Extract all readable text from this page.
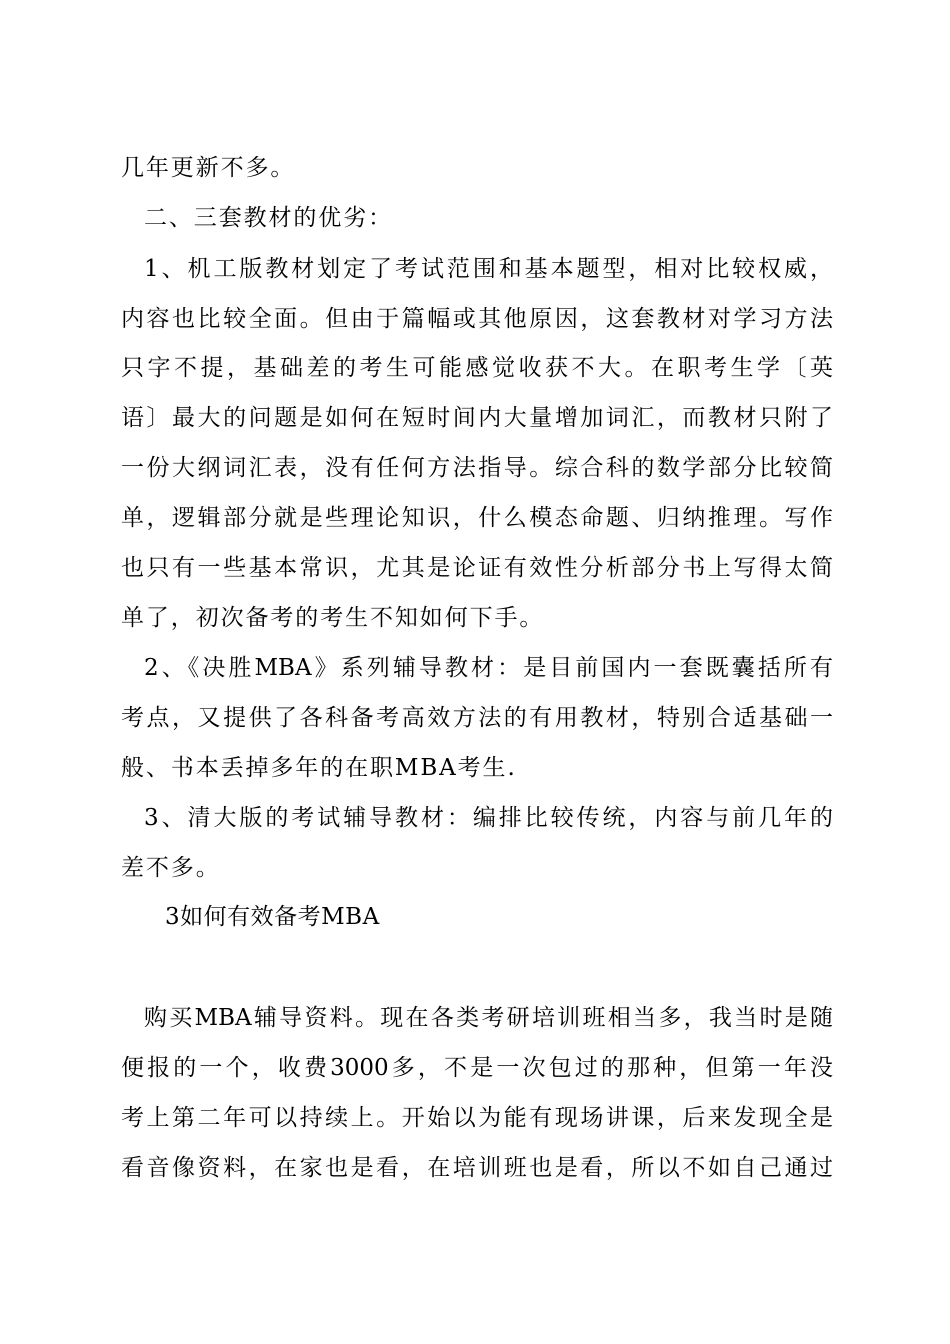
几年更新不多。
二、三套教材的优劣：
1、机工版教材划定了考试范围和基本题型，相对比较权威，
内容也比较全面。但由于篇幅或其他原因，这套教材对学习方法
只字不提，基础差的考生可能感觉收获不大。在职考生学〔英
语〕最大的问题是如何在短时间内大量增加词汇，而教材只附了
一份大纲词汇表，没有任何方法指导。综合科的数学部分比较简
单，逻辑部分就是些理论知识，什么模态命题、归纳推理。写作
也只有一些基本常识，尤其是论证有效性分析部分书上写得太简
单了，初次备考的考生不知如何下手。
2、《决胜MBA》系列辅导教材：是目前国内一套既囊括所有
考点，又提供了各科备考高效方法的有用教材，特别合适基础一
般、书本丢掉多年的在职MBA考生.
3、清大版的考试辅导教材：编排比较传统，内容与前几年的
差不多。
3如何有效备考MBA
购买MBA辅导资料。现在各类考研培训班相当多，我当时是随
便报的一个，收费3000多，不是一次包过的那种，但第一年没
考上第二年可以持续上。开始以为能有现场讲课，后来发现全是
看音像资料，在家也是看，在培训班也是看，所以不如自己通过
